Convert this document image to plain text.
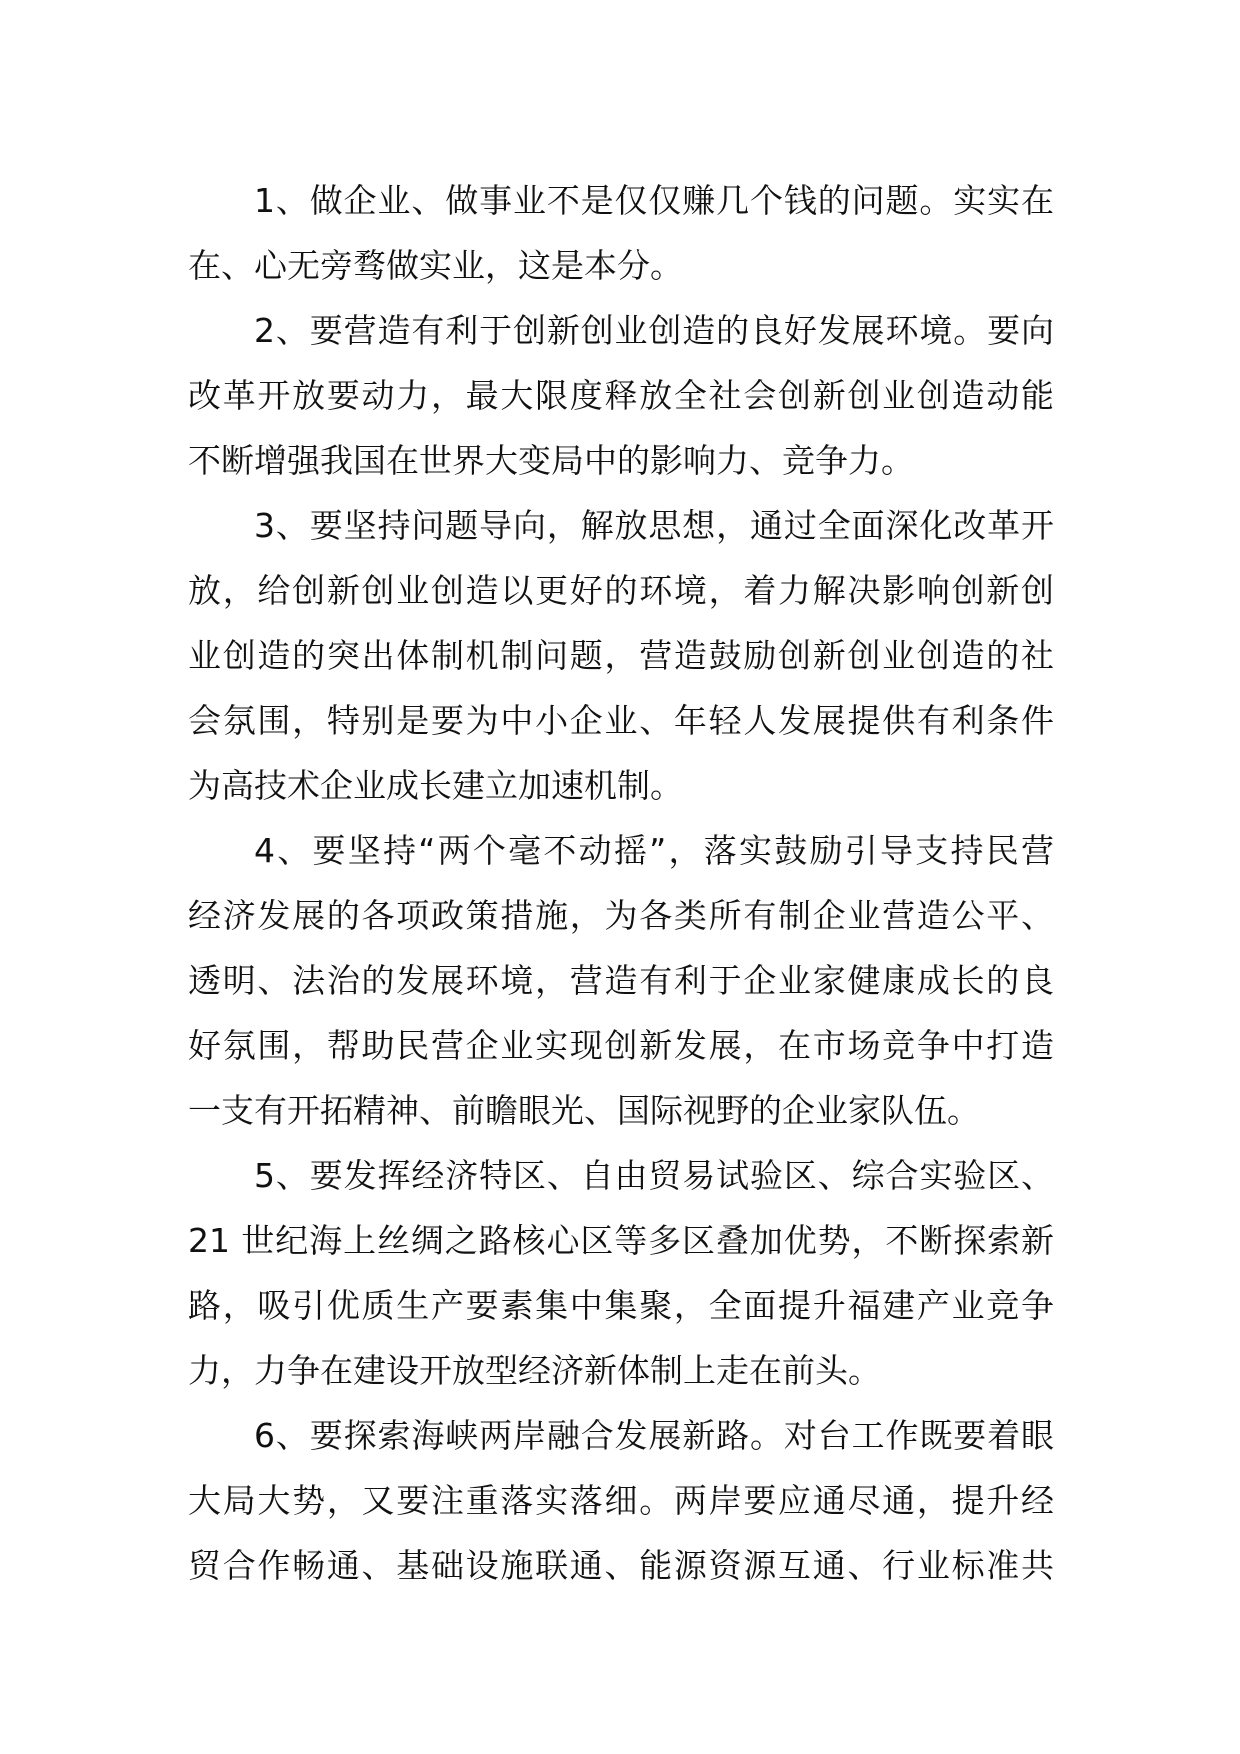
1、做企业、做事业不是仅仅赚几个钱的问题。实实在
在、心无旁骛做实业，这是本分。
2、要营造有利于创新创业创造的良好发展环境。要向
改革开放要动力，最大限度释放全社会创新创业创造动能
不断增强我国在世界大变局中的影响力、竞争力。
3、要坚持问题导向，解放思想，通过全面深化改革开
放，给创新创业创造以更好的环境，着力解决影响创新创
业创造的突出体制机制问题，营造鼓励创新创业创造的社
会氛围，特别是要为中小企业、年轻人发展提供有利条件
为高技术企业成长建立加速机制。
4、要坚持“两个毫不动摇”，落实鼓励引导支持民营
经济发展的各项政策措施，为各类所有制企业营造公平、
透明、法治的发展环境，营造有利于企业家健康成长的良
好氛围，帮助民营企业实现创新发展，在市场竞争中打造
一支有开拓精神、前瞻眼光、国际视野的企业家队伍。
5、要发挥经济特区、自由贸易试验区、综合实验区、
21 世纪海上丝绸之路核心区等多区叠加优势，不断探索新
路，吸引优质生产要素集中集聚，全面提升福建产业竞争
力，力争在建设开放型经济新体制上走在前头。
6、要探索海峡两岸融合发展新路。对台工作既要着眼
大局大势，又要注重落实落细。两岸要应通尽通，提升经
贸合作畅通、基础设施联通、能源资源互通、行业标准共
